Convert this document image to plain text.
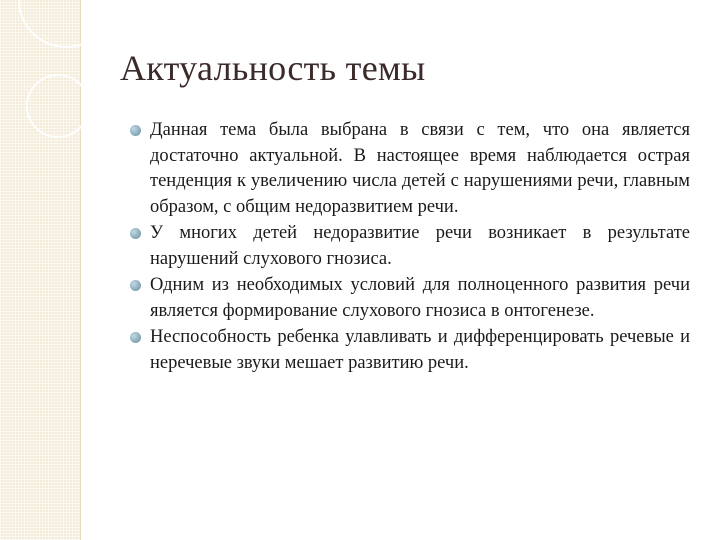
Актуальность темы
Данная тема была выбрана в связи с тем, что она является достаточно актуальной. В настоящее время наблюдается острая тенденция к увеличению числа детей с нарушениями речи, главным образом, с общим недоразвитием речи.
У многих детей недоразвитие речи возникает в результате нарушений слухового гнозиса.
Одним из необходимых условий для полноценного развития речи является формирование слухового гнозиса в онтогенезе.
Неспособность ребенка улавливать и дифференцировать речевые и неречевые звуки мешает развитию речи.
